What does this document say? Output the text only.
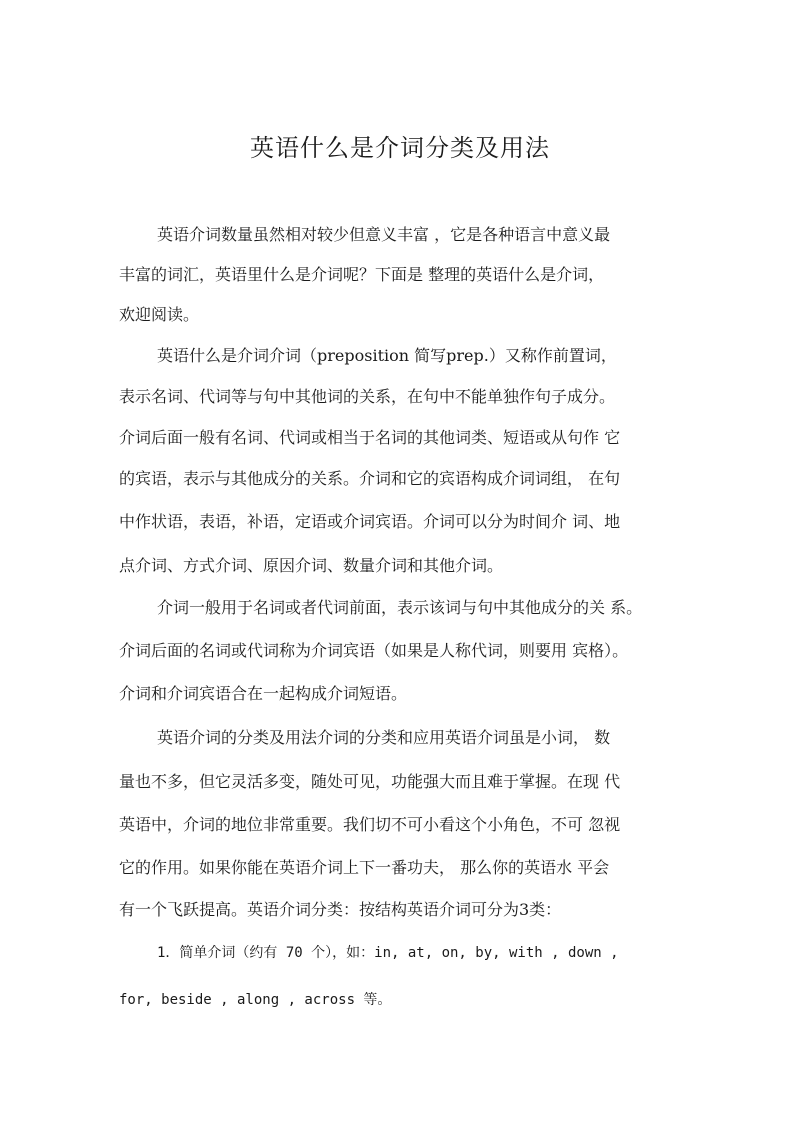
英语什么是介词分类及用法
英语介词数量虽然相对较少但意义丰富 ，它是各种语言中意义最
丰富的词汇，英语里什么是介词呢？下面是 整理的英语什么是介词，
欢迎阅读。
英语什么是介词介词（preposition 简写prep.）又称作前置词，
表示名词、代词等与句中其他词的关系，在句中不能单独作句子成分。
介词后面一般有名词、代词或相当于名词的其他词类、短语或从句作 它
的宾语，表示与其他成分的关系。介词和它的宾语构成介词词组， 在句
中作状语，表语，补语，定语或介词宾语。介词可以分为时间介 词、地
点介词、方式介词、原因介词、数量介词和其他介词。
介词一般用于名词或者代词前面，表示该词与句中其他成分的关 系。
介词后面的名词或代词称为介词宾语（如果是人称代词，则要用 宾格）。
介词和介词宾语合在一起构成介词短语。
英语介词的分类及用法介词的分类和应用英语介词虽是小词， 数
量也不多，但它灵活多变，随处可见，功能强大而且难于掌握。在现 代
英语中，介词的地位非常重要。我们切不可小看这个小角色，不可 忽视
它的作用。如果你能在英语介词上下一番功夫， 那么你的英语水 平会
有一个飞跃提高。英语介词分类：按结构英语介词可分为3类：
1．简单介词（约有 70 个），如：in, at, on, by, with , down ,
for, beside , along , across 等。
